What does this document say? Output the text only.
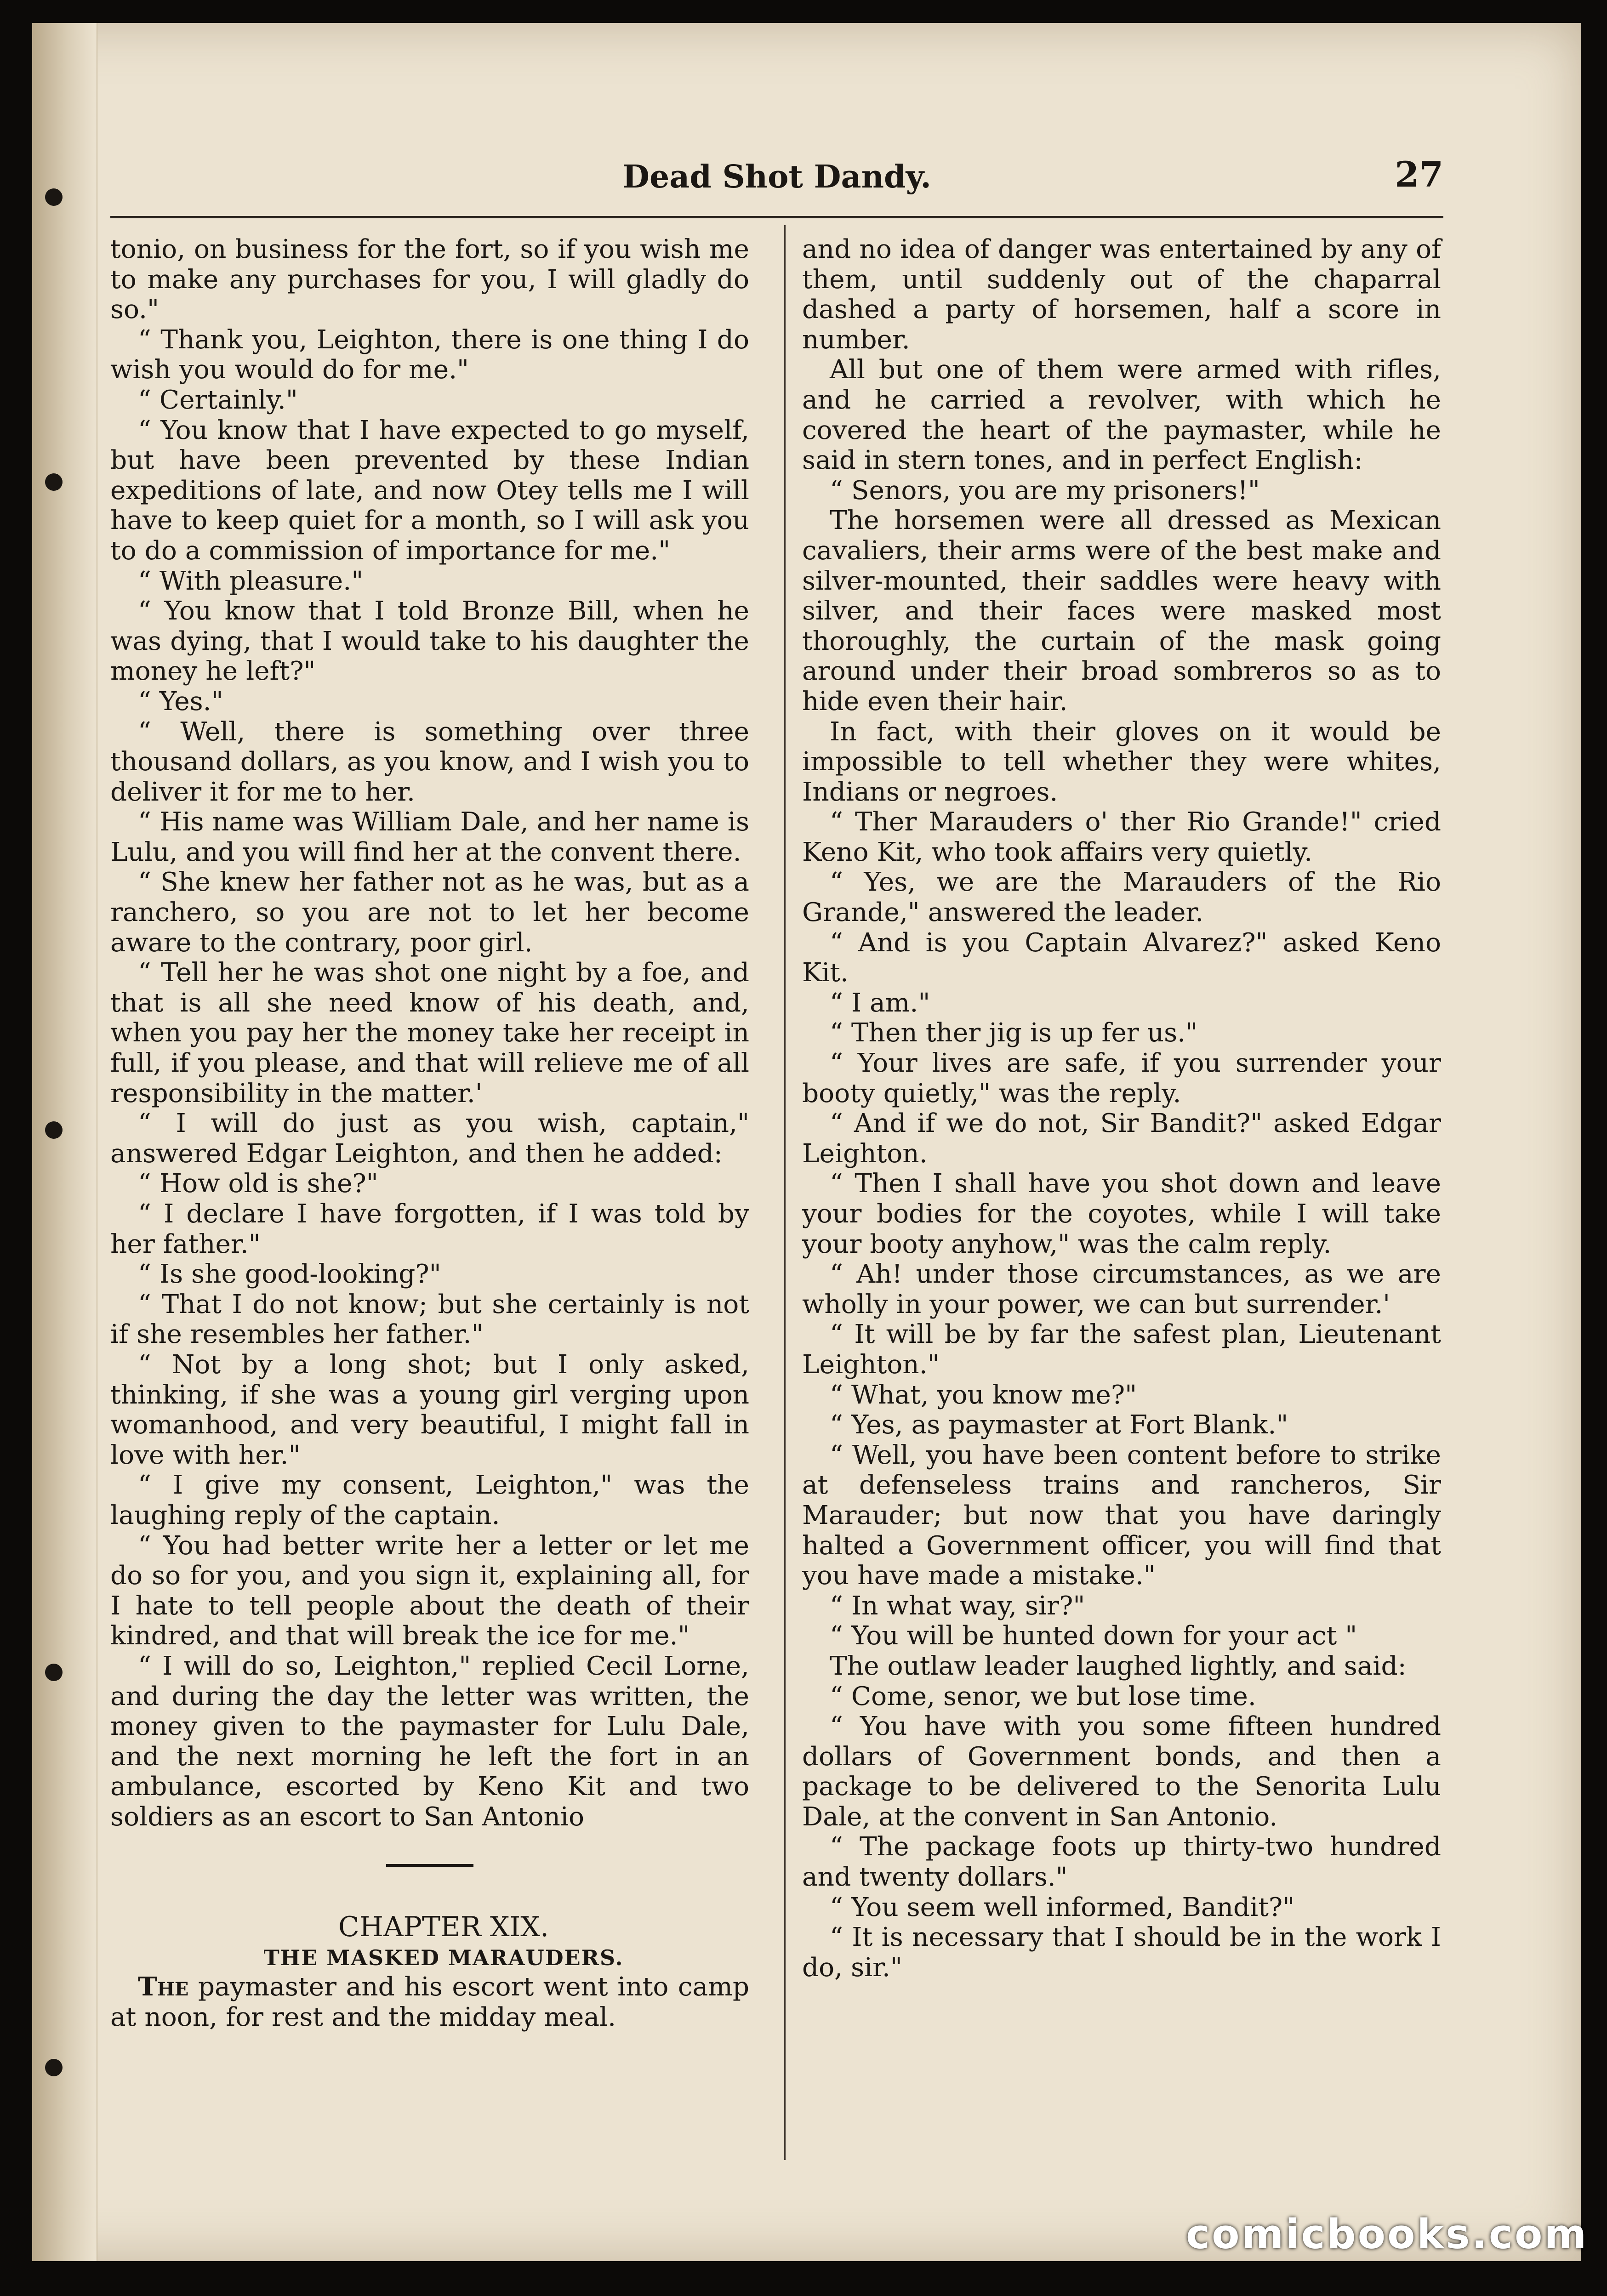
Dead Shot Dandy.	27

tonio, on business for the fort, so if you wish me to make any purchases for you, I will gladly do so."

“ Thank you, Leighton, there is one thing I do wish you would do for me."

“ Certainly."

“ You know that I have expected to go myself, but have been prevented by these Indian expeditions of late, and now Otey tells me I will have to keep quiet for a month, so I will ask you to do a commission of importance for me."

“ With pleasure."

“ You know that I told Bronze Bill, when he was dying, that I would take to his daughter the money he left?"

“ Yes."

“ Well, there is something over three thousand dollars, as you know, and I wish you to deliver it for me to her.

“ His name was William Dale, and her name is Lulu, and you will find her at the convent there.

“ She knew her father not as he was, but as a ranchero, so you are not to let her become aware to the contrary, poor girl.

“ Tell her he was shot one night by a foe, and that is all she need know of his death, and, when you pay her the money take her receipt in full, if you please, and that will relieve me of all responsibility in the matter.'

“ I will do just as you wish, captain," answered Edgar Leighton, and then he added:

“ How old is she?"

“ I declare I have forgotten, if I was told by her father."

“ Is she good-looking?"

“ That I do not know; but she certainly is not if she resembles her father."

“ Not by a long shot; but I only asked, thinking, if she was a young girl verging upon womanhood, and very beautiful, I might fall in love with her."

“ I give my consent, Leighton," was the laughing reply of the captain.

“ You had better write her a letter or let me do so for you, and you sign it, explaining all, for I hate to tell people about the death of their kindred, and that will break the ice for me."

“ I will do so, Leighton," replied Cecil Lorne, and during the day the letter was written, the money given to the paymaster for Lulu Dale, and the next morning he left the fort in an ambulance, escorted by Keno Kit and two soldiers as an escort to San Antonio

CHAPTER XIX.

THE MASKED MARAUDERS.

The paymaster and his escort went into camp at noon, for rest and the midday meal.

and no idea of danger was entertained by any of them, until suddenly out of the chaparral dashed a party of horsemen, half a score in number.

All but one of them were armed with rifles, and he carried a revolver, with which he covered the heart of the paymaster, while he said in stern tones, and in perfect English:

“ Senors, you are my prisoners!"

The horsemen were all dressed as Mexican cavaliers, their arms were of the best make and silver-mounted, their saddles were heavy with silver, and their faces were masked most thoroughly, the curtain of the mask going around under their broad sombreros so as to hide even their hair.

In fact, with their gloves on it would be impossible to tell whether they were whites, Indians or negroes.

“ Ther Marauders o' ther Rio Grande!" cried Keno Kit, who took affairs very quietly.

“ Yes, we are the Marauders of the Rio Grande," answered the leader.

“ And is you Captain Alvarez?" asked Keno Kit.

“ I am."

“ Then ther jig is up fer us."

“ Your lives are safe, if you surrender your booty quietly," was the reply.

“ And if we do not, Sir Bandit?" asked Edgar Leighton.

“ Then I shall have you shot down and leave your bodies for the coyotes, while I will take your booty anyhow," was the calm reply.

“ Ah! under those circumstances, as we are wholly in your power, we can but surrender.'

“ It will be by far the safest plan, Lieutenant Leighton."

“ What, you know me?"

“ Yes, as paymaster at Fort Blank."

“ Well, you have been content before to strike at defenseless trains and rancheros, Sir Marauder; but now that you have daringly halted a Government officer, you will find that you have made a mistake."

“ In what way, sir?"

“ You will be hunted down for your act "

The outlaw leader laughed lightly, and said:

“ Come, senor, we but lose time.

“ You have with you some fifteen hundred dollars of Government bonds, and then a package to be delivered to the Senorita Lulu Dale, at the convent in San Antonio.

“ The package foots up thirty-two hundred and twenty dollars."

“ You seem well informed, Bandit?"

“ It is necessary that I should be in the work I do, sir."

comicbooks.com
